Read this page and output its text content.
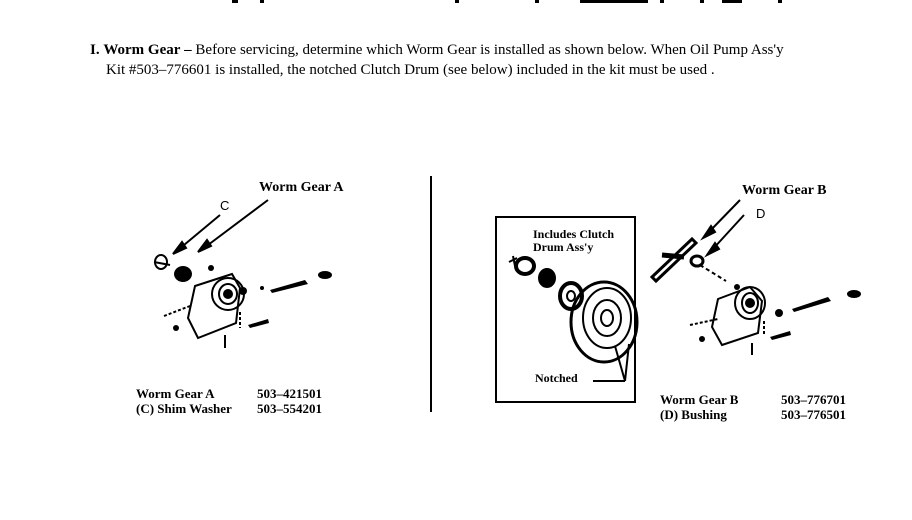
I. Worm Gear – Before servicing, determine which Worm Gear is installed as shown below. When Oil Pump Ass'y
Kit #503–776601 is installed, the notched Clutch Drum (see below) included in the kit must be used .
Worm Gear A
C
Worm Gear A	503–421501
(C) Shim Washer	503–554201
Includes Clutch
Drum Ass'y
Notched
Worm Gear B
D
Worm Gear B	503–776701
(D) Bushing	503–776501
